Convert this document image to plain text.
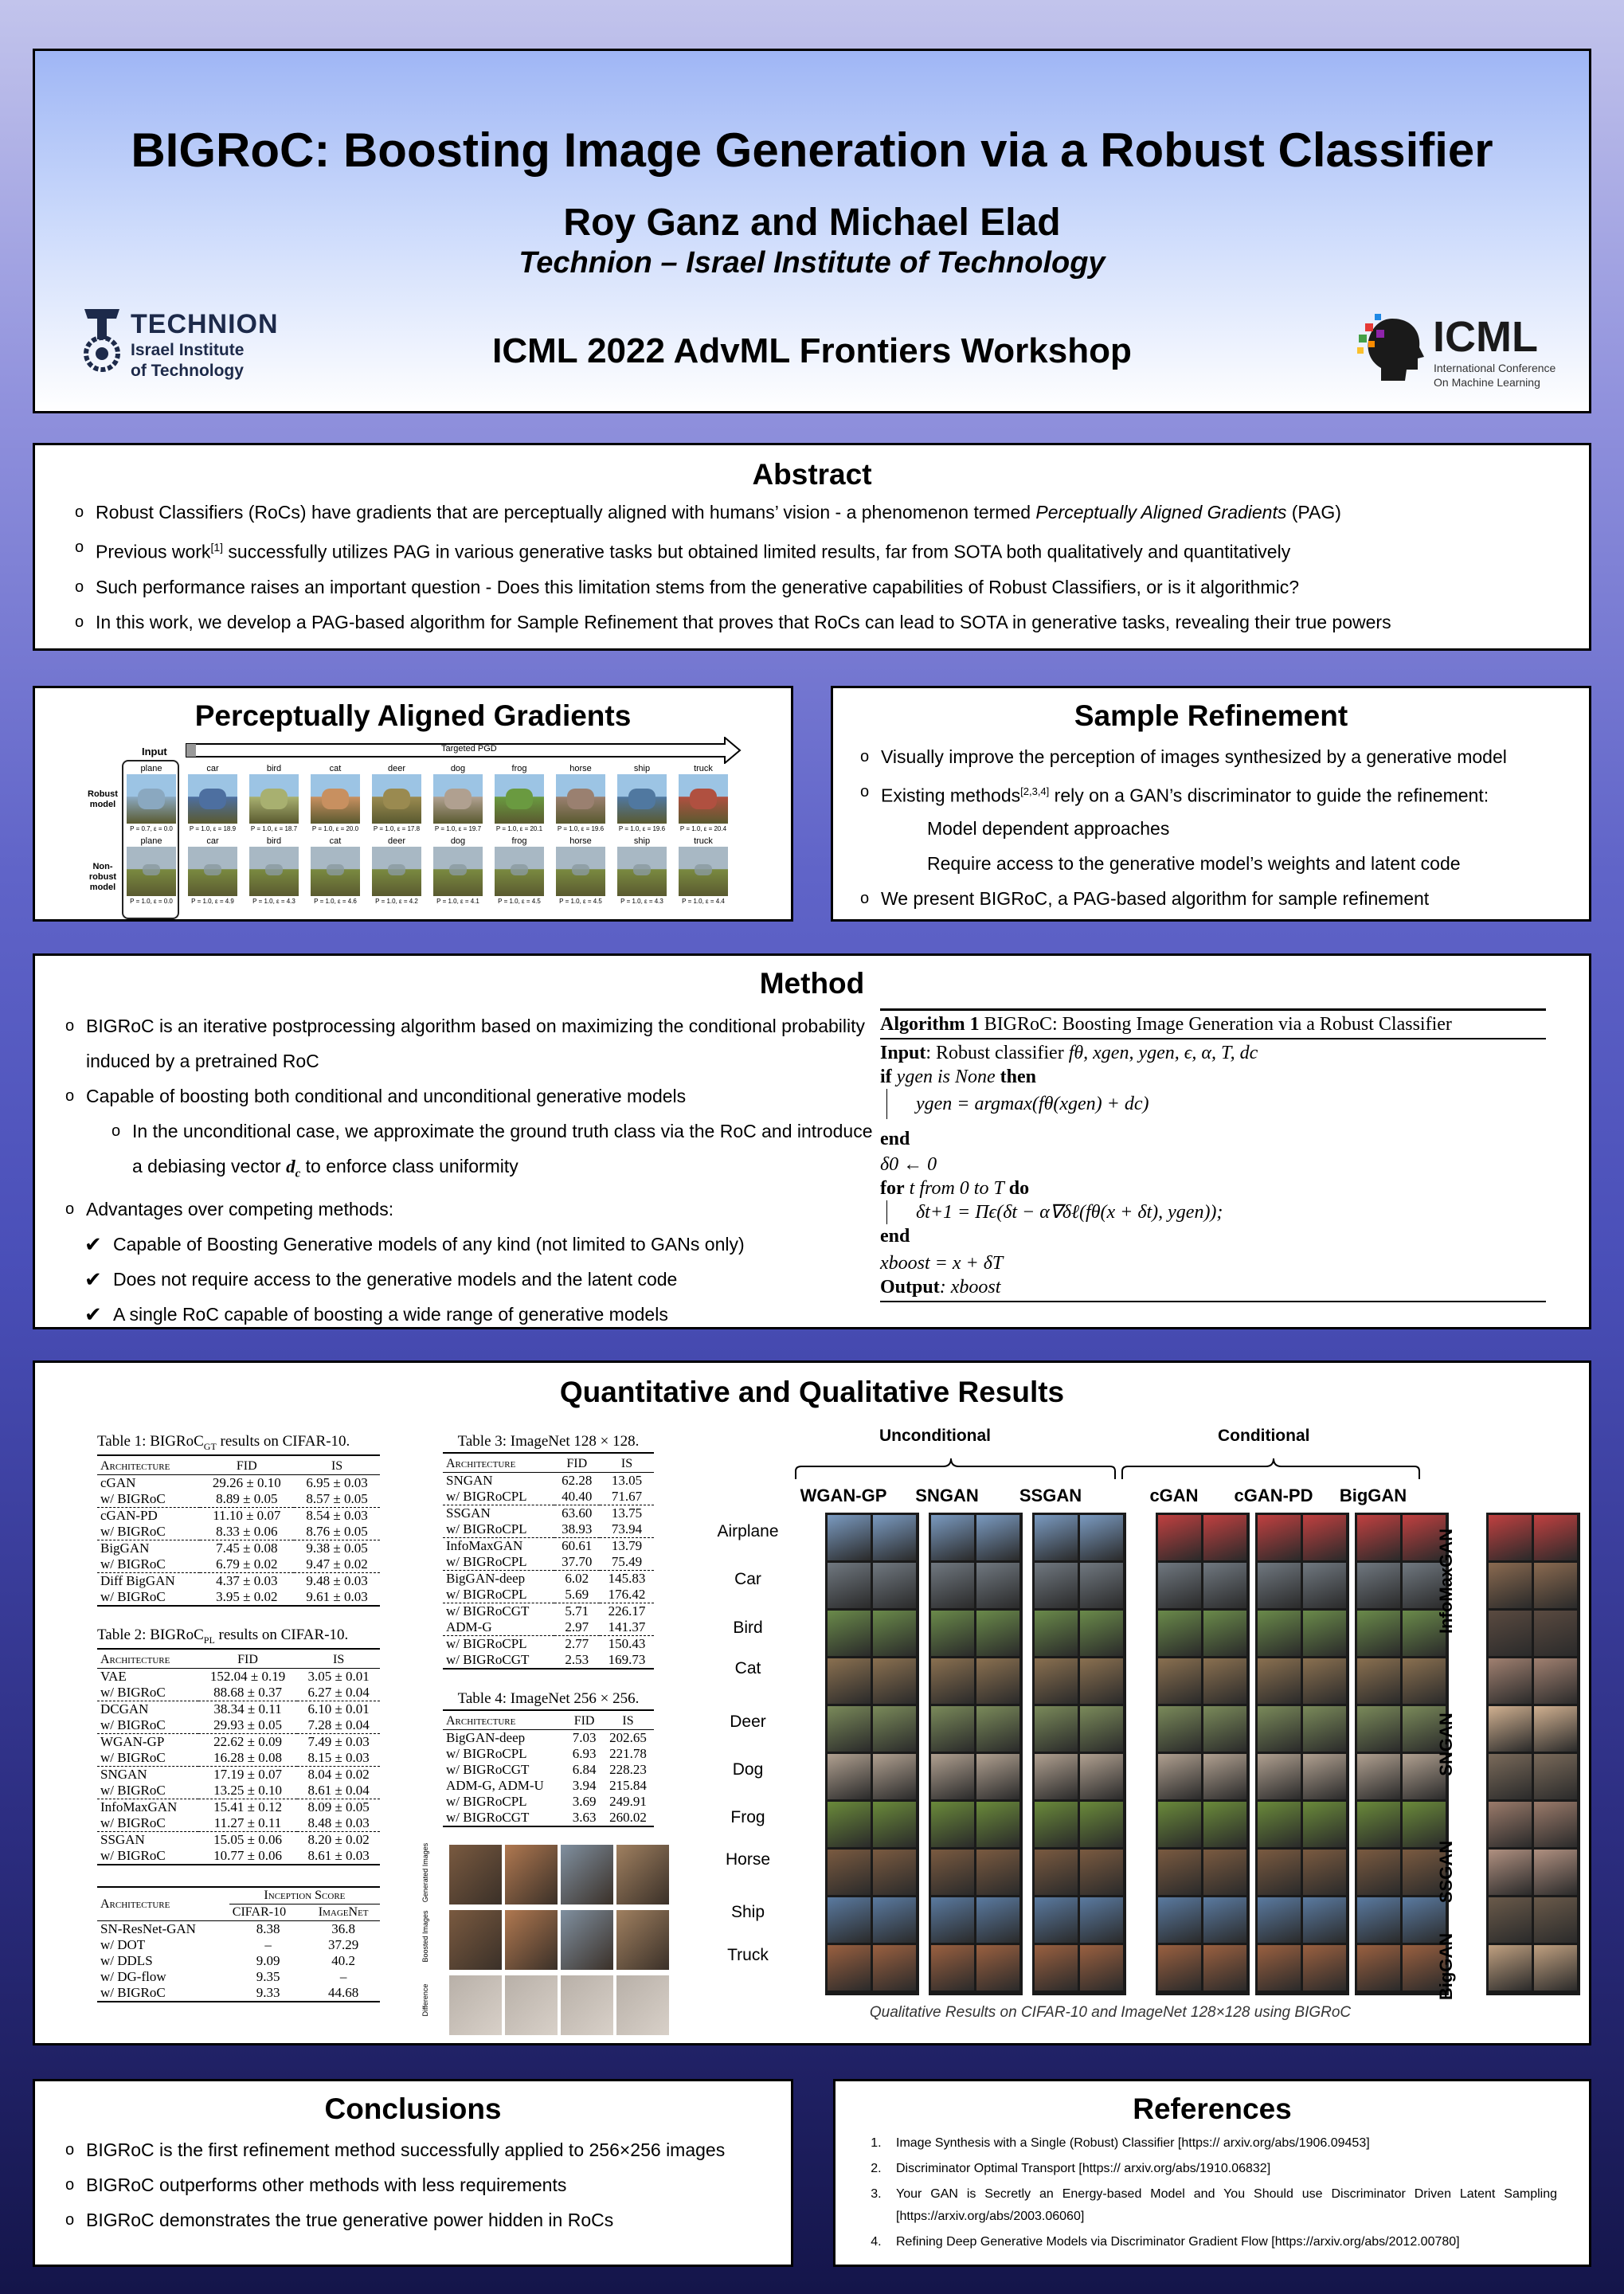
BIGRoC: Boosting Image Generation via a Robust Classifier
Roy Ganz and Michael Elad
Technion – Israel Institute of Technology
ICML 2022 AdvML Frontiers Workshop
TECHNION
Israel Institute
of Technology
ICML
International Conference
On Machine Learning
Abstract
o Robust Classifiers (RoCs) have gradients that are perceptually aligned with humans’ vision - a phenomenon termed Perceptually Aligned Gradients (PAG)
o Previous work[1] successfully utilizes PAG in various generative tasks but obtained limited results, far from SOTA both qualitatively and quantitatively
o Such performance raises an important question - Does this limitation stems from the generative capabilities of Robust Classifiers, or is it algorithmic?
o In this work, we develop a PAG-based algorithm for Sample Refinement that proves that RoCs can lead to SOTA in generative tasks, revealing their true powers
Perceptually Aligned Gradients
Input	Targeted PGD
Robust
model
Non-
robust
model
plane
P = 0.7, ε = 0.0
car
P = 1.0, ε = 18.9
bird
P = 1.0, ε = 18.7
cat
P = 1.0, ε = 20.0
deer
P = 1.0, ε = 17.8
dog
P = 1.0, ε = 19.7
frog
P = 1.0, ε = 20.1
horse
P = 1.0, ε = 19.6
ship
P = 1.0, ε = 19.6
truck
P = 1.0, ε = 20.4
plane
P = 1.0, ε = 0.0
car
P = 1.0, ε = 4.9
bird
P = 1.0, ε = 4.3
cat
P = 1.0, ε = 4.6
deer
P = 1.0, ε = 4.2
dog
P = 1.0, ε = 4.1
frog
P = 1.0, ε = 4.5
horse
P = 1.0, ε = 4.5
ship
P = 1.0, ε = 4.3
truck
P = 1.0, ε = 4.4
Sample Refinement
o Visually improve the perception of images synthesized by a generative model
o Existing methods[2,3,4] rely on a GAN’s discriminator to guide the refinement:
Model dependent approaches
Require access to the generative model’s weights and latent code
o We present BIGRoC, a PAG-based algorithm for sample refinement
Method
o BIGRoC is an iterative postprocessing algorithm based on maximizing the conditional probability induced by a pretrained RoC
o Capable of boosting both conditional and unconditional generative models
o In the unconditional case, we approximate the ground truth class via the RoC and introduce a debiasing vector $d_c$ to enforce class uniformity
o Advantages over competing methods:
✔ Capable of Boosting Generative models of any kind (not limited to GANs only)
✔ Does not require access to the generative models and the latent code
✔ A single RoC capable of boosting a wide range of generative models
Algorithm 1 BIGRoC: Boosting Image Generation via a Robust Classifier
Input: Robust classifier fθ, xgen, ygen, ϵ, α, T, dc
if ygen is None then
ygen = argmax(fθ(xgen) + dc)
end
δ0 ← 0
for t from 0 to T do
δt+1 = Πϵ(δt − α∇δℓ(fθ(x + δt), ygen));
end
xboost = x + δT
Output: xboost
Quantitative and Qualitative Results
Table 1: BIGRoC$_{GT}$ results on CIFAR-10.
Architecture	FID	IS
cGAN	29.26 ± 0.10	6.95 ± 0.03
w/ BIGRoC	8.89 ± 0.05	8.57 ± 0.05
cGAN-PD	11.10 ± 0.07	8.54 ± 0.03
w/ BIGRoC	8.33 ± 0.06	8.76 ± 0.05
BigGAN	7.45 ± 0.08	9.38 ± 0.05
w/ BIGRoC	6.79 ± 0.02	9.47 ± 0.02
Diff BigGAN	4.37 ± 0.03	9.48 ± 0.03
w/ BIGRoC	3.95 ± 0.02	9.61 ± 0.03
Table 2: BIGRoC$_{PL}$ results on CIFAR-10.
Architecture	FID	IS
VAE	152.04 ± 0.19	3.05 ± 0.01
w/ BIGRoC	88.68 ± 0.37	6.27 ± 0.04
DCGAN	38.34 ± 0.11	6.10 ± 0.01
w/ BIGRoC	29.93 ± 0.05	7.28 ± 0.04
WGAN-GP	22.62 ± 0.09	7.49 ± 0.03
w/ BIGRoC	16.28 ± 0.08	8.15 ± 0.03
SNGAN	17.19 ± 0.07	8.04 ± 0.02
w/ BIGRoC	13.25 ± 0.10	8.61 ± 0.04
InfoMaxGAN	15.41 ± 0.12	8.09 ± 0.05
w/ BIGRoC	11.27 ± 0.11	8.48 ± 0.03
SSGAN	15.05 ± 0.06	8.20 ± 0.02
w/ BIGRoC	10.77 ± 0.06	8.61 ± 0.03
Architecture	Inception Score	
	CIFAR-10	ImageNet
SN-ResNet-GAN	8.38	36.8
w/ DOT	–	37.29
w/ DDLS	9.09	40.2
w/ DG-flow	9.35	–
w/ BIGRoC	9.33	44.68
Table 3: ImageNet 128 × 128.
Architecture	FID	IS
SNGAN	62.28	13.05
w/ BIGRoCPL	40.40	71.67
SSGAN	63.60	13.75
w/ BIGRoCPL	38.93	73.94
InfoMaxGAN	60.61	13.79
w/ BIGRoCPL	37.70	75.49
BigGAN-deep	6.02	145.83
w/ BIGRoCPL	5.69	176.42
w/ BIGRoCGT	5.71	226.17
ADM-G	2.97	141.37
w/ BIGRoCPL	2.77	150.43
w/ BIGRoCGT	2.53	169.73
Table 4: ImageNet 256 × 256.
Architecture	FID	IS
BigGAN-deep	7.03	202.65
w/ BIGRoCPL	6.93	221.78
w/ BIGRoCGT	6.84	228.23
ADM-G, ADM-U	3.94	215.84
w/ BIGRoCPL	3.69	249.91
w/ BIGRoCGT	3.63	260.02
Generated Images
Boosted Images
Difference
Unconditional	Conditional
WGAN-GP	SNGAN	SSGAN	cGAN	cGAN-PD	BigGAN
Airplane
Car
Bird
Cat
Deer
Dog
Frog
Horse
Ship
Truck
InfoMaxGAN
SNGAN
SSGAN
BigGAN
Qualitative Results on CIFAR-10 and ImageNet 128×128 using BIGRoC
Conclusions
o BIGRoC is the first refinement method successfully applied to 256×256 images
o BIGRoC outperforms other methods with less requirements
o BIGRoC demonstrates the true generative power hidden in RoCs
References
1. Image Synthesis with a Single (Robust) Classifier [https:// arxiv.org/abs/1906.09453]
2. Discriminator Optimal Transport [https:// arxiv.org/abs/1910.06832]
3. Your GAN is Secretly an Energy-based Model and You Should use Discriminator Driven Latent Sampling [https://arxiv.org/abs/2003.06060]
4. Refining Deep Generative Models via Discriminator Gradient Flow [https://arxiv.org/abs/2012.00780]
